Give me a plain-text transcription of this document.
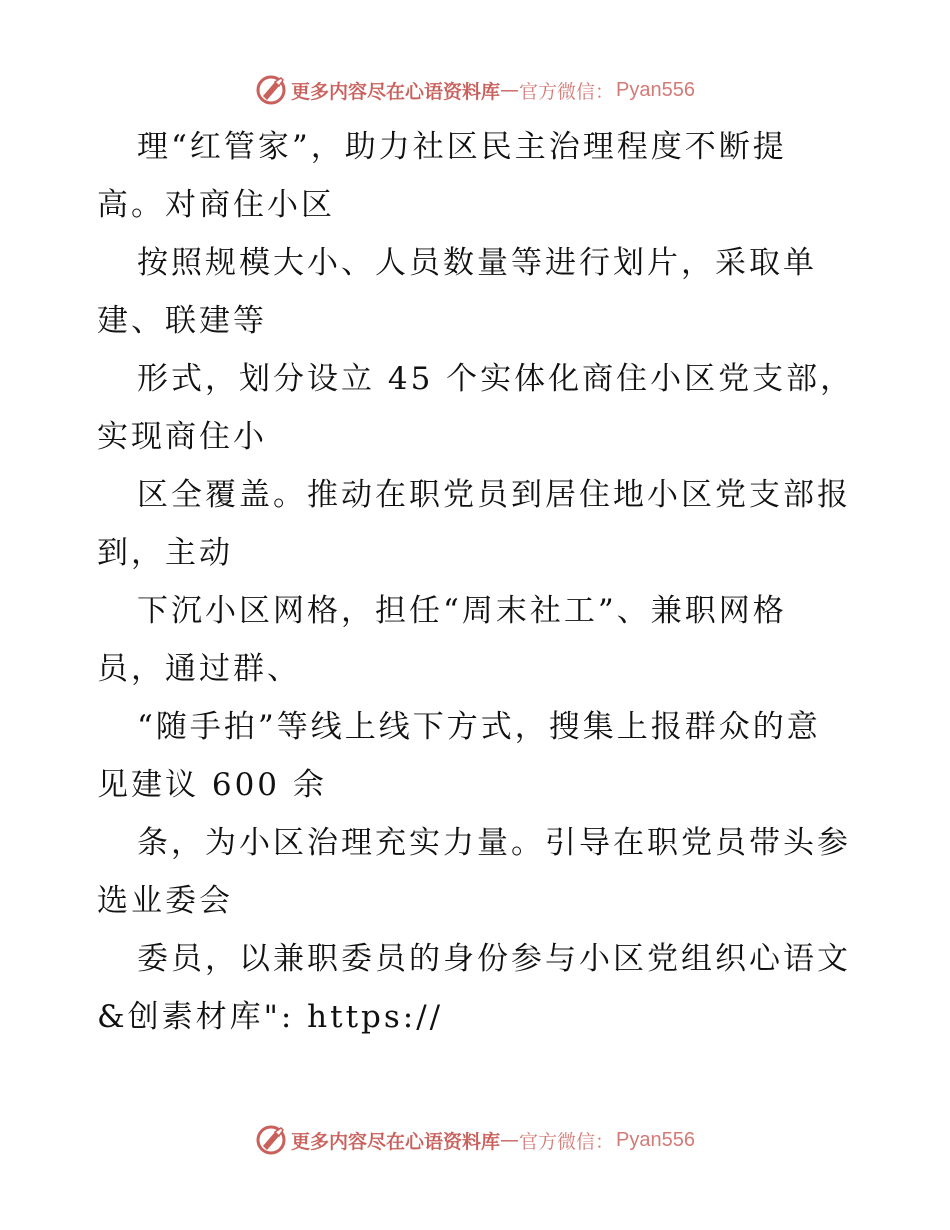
更多内容尽在心语资料库 — 官方微信： Pyan556
理“红管家”，助力社区民主治理程度不断提
高。对商住小区
按照规模大小、人员数量等进行划片，采取单
建、联建等
形式，划分设立 45 个实体化商住小区党支部，
实现商住小
区全覆盖。推动在职党员到居住地小区党支部报
到，主动
下沉小区网格，担任“周末社工”、兼职网格
员，通过群、
“随手拍”等线上线下方式，搜集上报群众的意
见建议 600 余
条，为小区治理充实力量。引导在职党员带头参
选业委会
委员，以兼职委员的身份参与小区党组织心语文
&创素材库": https://
更多内容尽在心语资料库 — 官方微信： Pyan556
